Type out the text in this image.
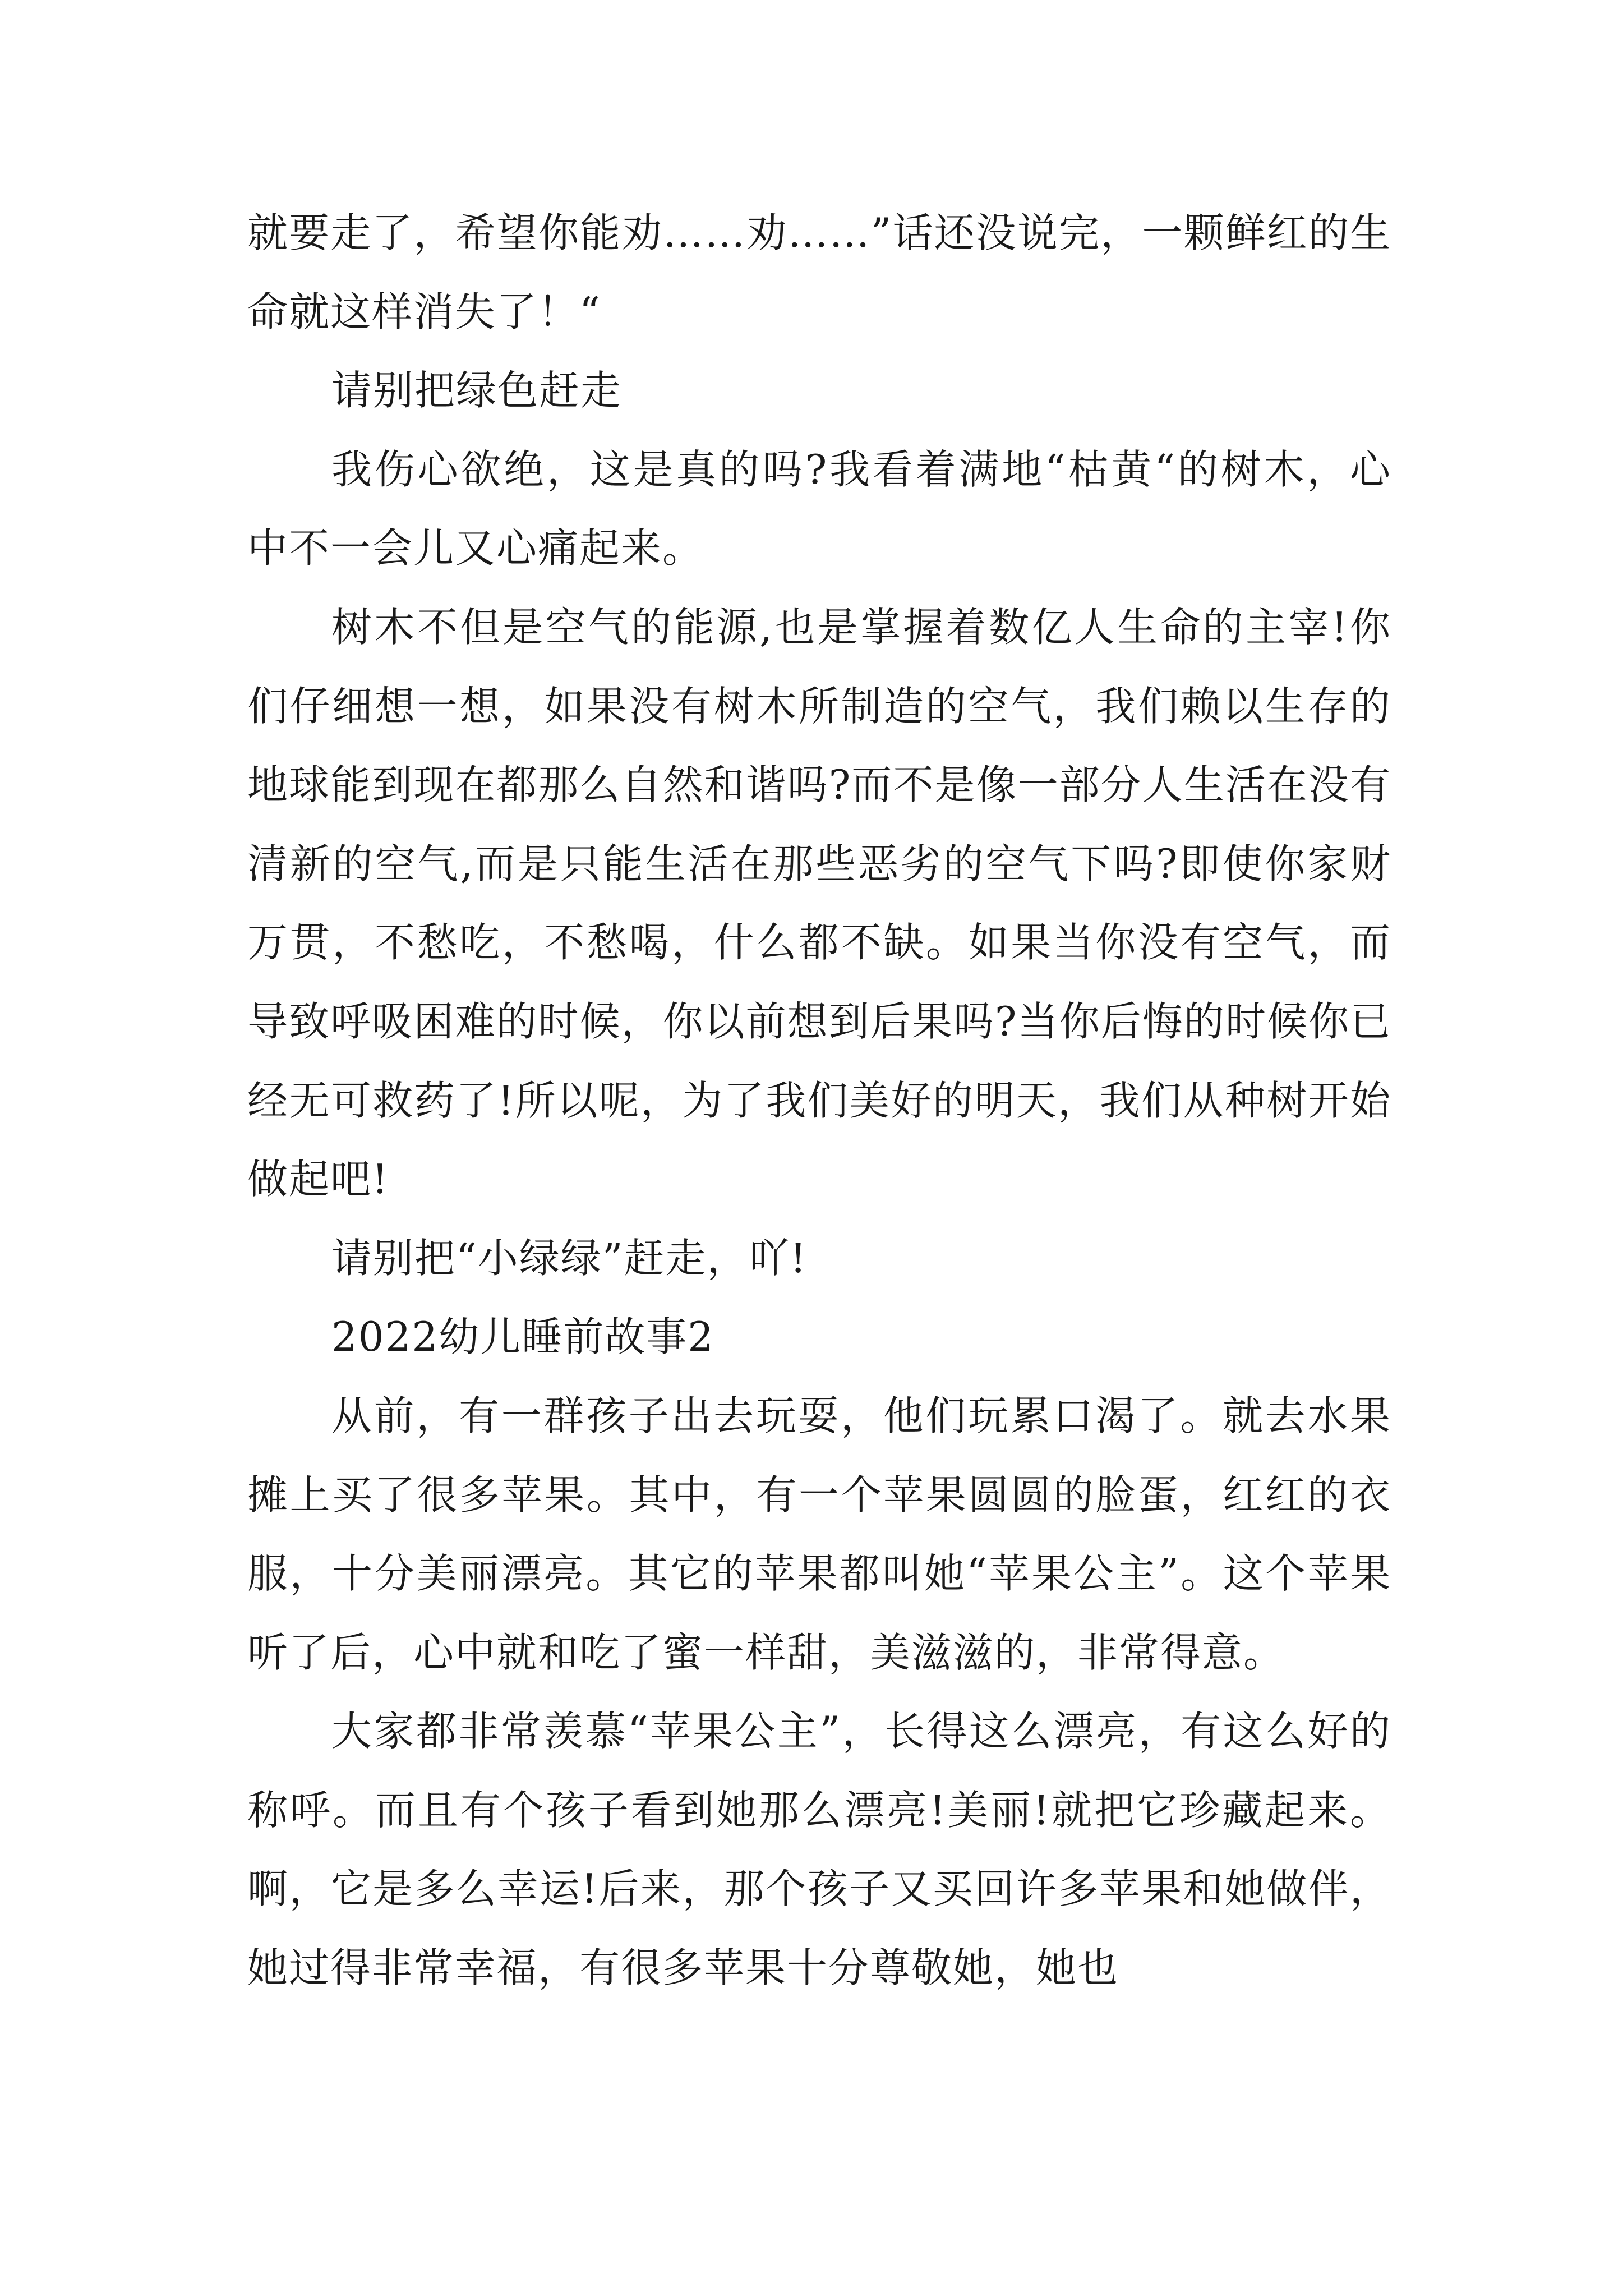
就要走了，希望你能劝……劝……”话还没说完，一颗鲜红的生命就这样消失了！“

请别把绿色赶走

我伤心欲绝，这是真的吗?我看着满地“枯黄“的树木，心中不一会儿又心痛起来。

树木不但是空气的能源,也是掌握着数亿人生命的主宰!你们仔细想一想，如果没有树木所制造的空气，我们赖以生存的地球能到现在都那么自然和谐吗?而不是像一部分人生活在没有清新的空气,而是只能生活在那些恶劣的空气下吗?即使你家财万贯，不愁吃，不愁喝，什么都不缺。如果当你没有空气，而导致呼吸困难的时候，你以前想到后果吗?当你后悔的时候你已经无可救药了!所以呢，为了我们美好的明天，我们从种树开始做起吧!

请别把“小绿绿”赶走，吖!

2022幼儿睡前故事2

从前，有一群孩子出去玩耍，他们玩累口渴了。就去水果摊上买了很多苹果。其中，有一个苹果圆圆的脸蛋，红红的衣服，十分美丽漂亮。其它的苹果都叫她“苹果公主”。这个苹果听了后，心中就和吃了蜜一样甜，美滋滋的，非常得意。

大家都非常羡慕“苹果公主”，长得这么漂亮，有这么好的称呼。而且有个孩子看到她那么漂亮!美丽!就把它珍藏起来。啊，它是多么幸运!后来，那个孩子又买回许多苹果和她做伴，她过得非常幸福，有很多苹果十分尊敬她，她也
